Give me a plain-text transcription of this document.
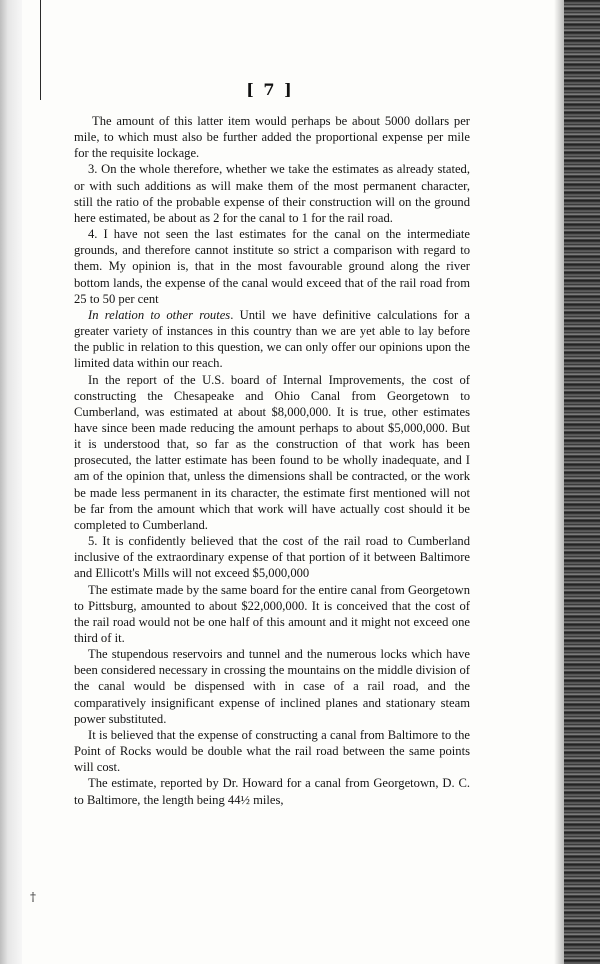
[ 7 ]

The amount of this latter item would perhaps be about 5000 dollars per mile, to which must also be further added the proportional expense per mile for the requisite lockage.

3. On the whole therefore, whether we take the estimates as already stated, or with such additions as will make them of the most permanent character, still the ratio of the probable expense of their construction will on the ground here estimated, be about as 2 for the canal to 1 for the rail road.

4. I have not seen the last estimates for the canal on the intermediate grounds, and therefore cannot institute so strict a comparison with regard to them. My opinion is, that in the most favourable ground along the river bottom lands, the expense of the canal would exceed that of the rail road from 25 to 50 per cent

In relation to other routes. Until we have definitive calculations for a greater variety of instances in this country than we are yet able to lay before the public in relation to this question, we can only offer our opinions upon the limited data within our reach.

In the report of the U.S. board of Internal Improvements, the cost of constructing the Chesapeake and Ohio Canal from Georgetown to Cumberland, was estimated at about $8,000,000. It is true, other estimates have since been made reducing the amount perhaps to about $5,000,000. But it is understood that, so far as the construction of that work has been prosecuted, the latter estimate has been found to be wholly inadequate, and I am of the opinion that, unless the dimensions shall be contracted, or the work be made less permanent in its character, the estimate first mentioned will not be far from the amount which that work will have actually cost should it be completed to Cumberland.

5. It is confidently believed that the cost of the rail road to Cumberland inclusive of the extraordinary expense of that portion of it between Baltimore and Ellicott's Mills will not exceed $5,000,000

The estimate made by the same board for the entire canal from Georgetown to Pittsburg, amounted to about $22,000,000. It is conceived that the cost of the rail road would not be one half of this amount and it might not exceed one third of it.

The stupendous reservoirs and tunnel and the numerous locks which have been considered necessary in crossing the mountains on the middle division of the canal would be dispensed with in case of a rail road, and the comparatively insignificant expense of inclined planes and stationary steam power substituted.

It is believed that the expense of constructing a canal from Baltimore to the Point of Rocks would be double what the rail road between the same points will cost.

The estimate, reported by Dr. Howard for a canal from Georgetown, D. C. to Baltimore, the length being 44½ miles,

†
